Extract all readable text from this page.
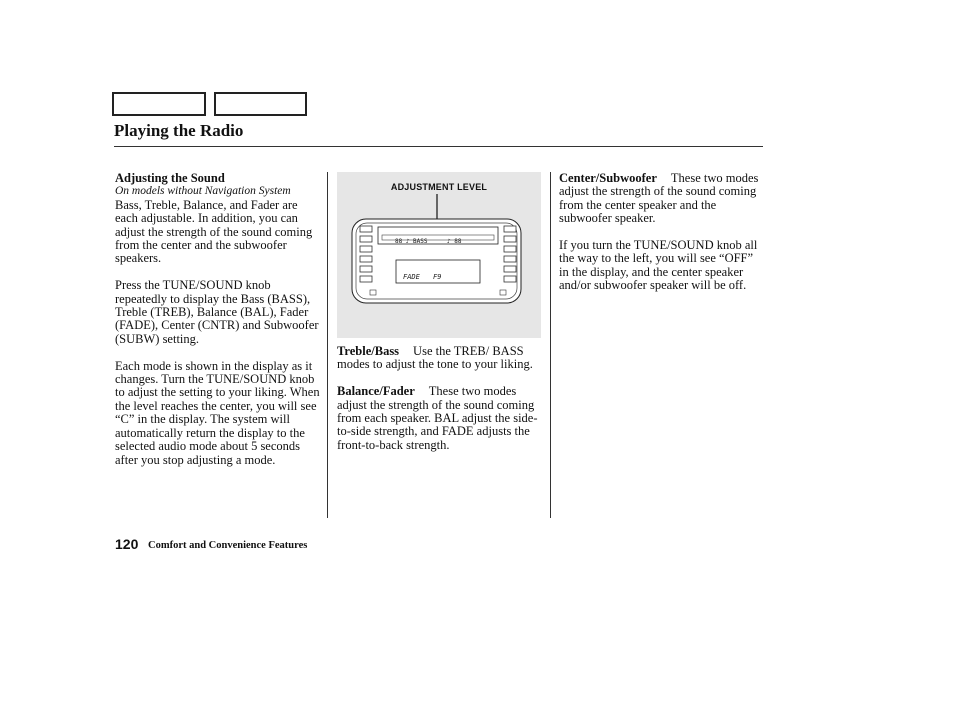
Playing the Radio
Adjusting the Sound
On models without Navigation System

Bass, Treble, Balance, and Fader are each adjustable. In addition, you can adjust the strength of the sound coming from the center and the subwoofer speakers.

Press the TUNE/SOUND knob repeatedly to display the Bass (BASS), Treble (TREB), Balance (BAL), Fader (FADE), Center (CNTR) and Subwoofer (SUBW) setting.

Each mode is shown in the display as it changes. Turn the TUNE/SOUND knob to adjust the setting to your liking. When the level reaches the center, you will see “C” in the display. The system will automatically return the display to the selected audio mode about 5 seconds after you stop adjusting a mode.

ADJUSTMENT LEVEL
88 ♪ BASS	♪ 88
FADE F9

Treble/Bass Use the TREB/ BASS modes to adjust the tone to your liking.

Balance/Fader These two modes adjust the strength of the sound coming from each speaker. BAL adjust the side-to-side strength, and FADE adjusts the front-to-back strength.

Center/Subwoofer These two modes adjust the strength of the sound coming from the center speaker and the subwoofer speaker.

If you turn the TUNE/SOUND knob all the way to the left, you will see “OFF” in the display, and the center speaker and/or subwoofer speaker will be off.

120 Comfort and Convenience Features
